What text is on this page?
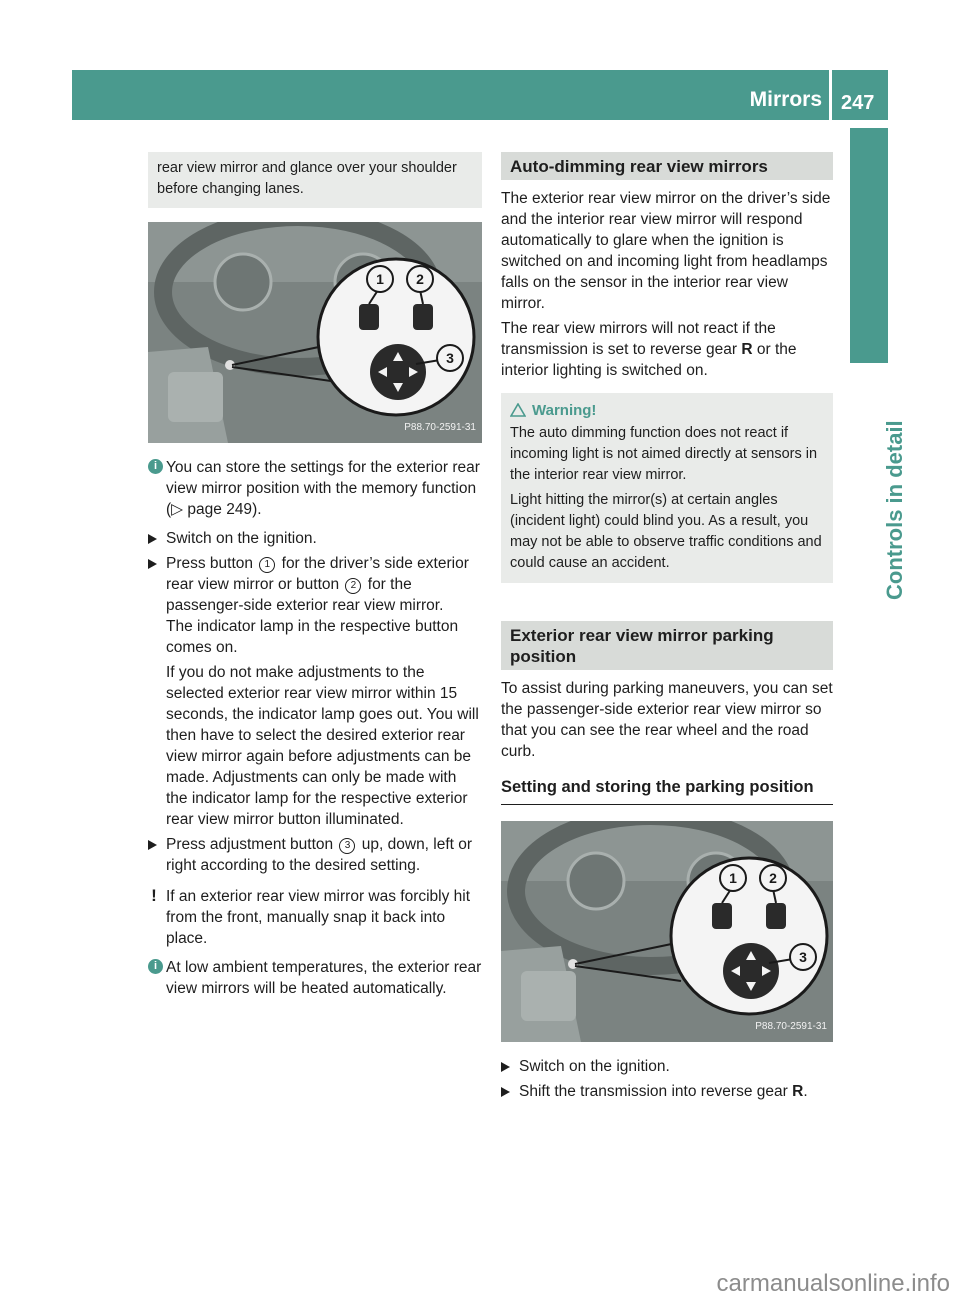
Mirrors 247
Controls in detail
rear view mirror and glance over your shoulder before changing lanes.
1 2
3
P88.70-2591-31
i You can store the settings for the exterior rear view mirror position with the memory function (▷ page 249).
Switch on the ignition.
Press button 1 for the driver’s side exterior rear view mirror or button 2 for the passenger-side exterior rear view mirror.
The indicator lamp in the respective button comes on.
If you do not make adjustments to the selected exterior rear view mirror within 15 seconds, the indicator lamp goes out. You will then have to select the desired exterior rear view mirror again before adjustments can be made. Adjustments can only be made with the indicator lamp for the respective exterior rear view mirror button illuminated.
Press adjustment button 3 up, down, left or right according to the desired setting.
! If an exterior rear view mirror was forcibly hit from the front, manually snap it back into place.
i At low ambient temperatures, the exterior rear view mirrors will be heated automatically.
Auto-dimming rear view mirrors
The exterior rear view mirror on the driver’s side and the interior rear view mirror will respond automatically to glare when the ignition is switched on and incoming light from headlamps falls on the sensor in the interior rear view mirror.
The rear view mirrors will not react if the transmission is set to reverse gear R or the interior lighting is switched on.
Warning!
The auto dimming function does not react if incoming light is not aimed directly at sensors in the interior rear view mirror.
Light hitting the mirror(s) at certain angles (incident light) could blind you. As a result, you may not be able to observe traffic conditions and could cause an accident.
Exterior rear view mirror parking position
To assist during parking maneuvers, you can set the passenger-side exterior rear view mirror so that you can see the rear wheel and the road curb.
Setting and storing the parking position
1 2
3
P88.70-2591-31
Switch on the ignition.
Shift the transmission into reverse gear R.
carmanualsonline.info
